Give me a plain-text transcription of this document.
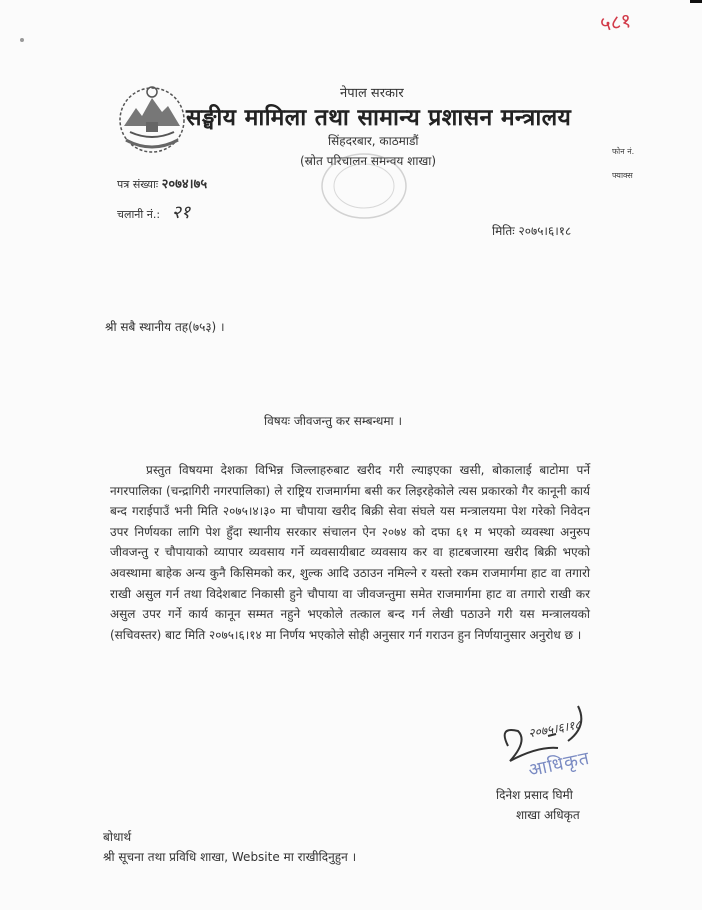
५८१
नेपाल सरकार
सङ्घीय मामिला तथा सामान्य प्रशासन मन्त्रालय
सिंहदरबार, काठमाडौं
(स्रोत परिचालन समन्वय शाखा)
फोन नं.
फ्याक्स
पत्र संख्याः २०७४।७५
चलानी नं.: २१
मितिः २०७५।६।१८
श्री सबै स्थानीय तह(७५३) ।
विषयः जीवजन्तु कर सम्बन्धमा ।
प्रस्तुत विषयमा देशका विभिन्न जिल्लाहरुबाट खरीद गरी ल्याइएका खसी, बोकालाई बाटोमा पर्ने नगरपालिका (चन्द्रागिरी नगरपालिका) ले राष्ट्रिय राजमार्गमा बसी कर लिइरहेकोले त्यस प्रकारको गैर कानूनी कार्य बन्द गराईपाउँ भनी मिति २०७५।४।३० मा चौपाया खरीद बिक्री सेवा संघले यस मन्त्रालयमा पेश गरेको निवेदन उपर निर्णयका लागि पेश हुँदा स्थानीय सरकार संचालन ऐन २०७४ को दफा ६१ म भएको व्यवस्था अनुरुप जीवजन्तु र चौपायाको व्यापार व्यवसाय गर्ने व्यवसायीबाट व्यवसाय कर वा हाटबजारमा खरीद बिक्री भएको अवस्थामा बाहेक अन्य कुनै किसिमको कर, शुल्क आदि उठाउन नमिल्ने र यस्तो रकम राजमार्गमा हाट वा तगारो राखी असुल गर्न तथा विदेशबाट निकासी हुने चौपाया वा जीवजन्तुमा समेत राजमार्गमा हाट वा तगारो राखी कर असुल उपर गर्ने कार्य कानून सम्मत नहुने भएकोले तत्काल बन्द गर्न लेखी पठाउने गरी यस मन्त्रालयको (सचिवस्तर) बाट मिति २०७५।६।१४ मा निर्णय भएकोले सोही अनुसार गर्न गराउन हुन निर्णयानुसार अनुरोध छ ।
२०७५।६।१८
आधिकृत
दिनेश प्रसाद घिमी
शाखा अधिकृत
बोधार्थ
श्री सूचना तथा प्रविधि शाखा, Website मा राखीदिनुहुन ।
